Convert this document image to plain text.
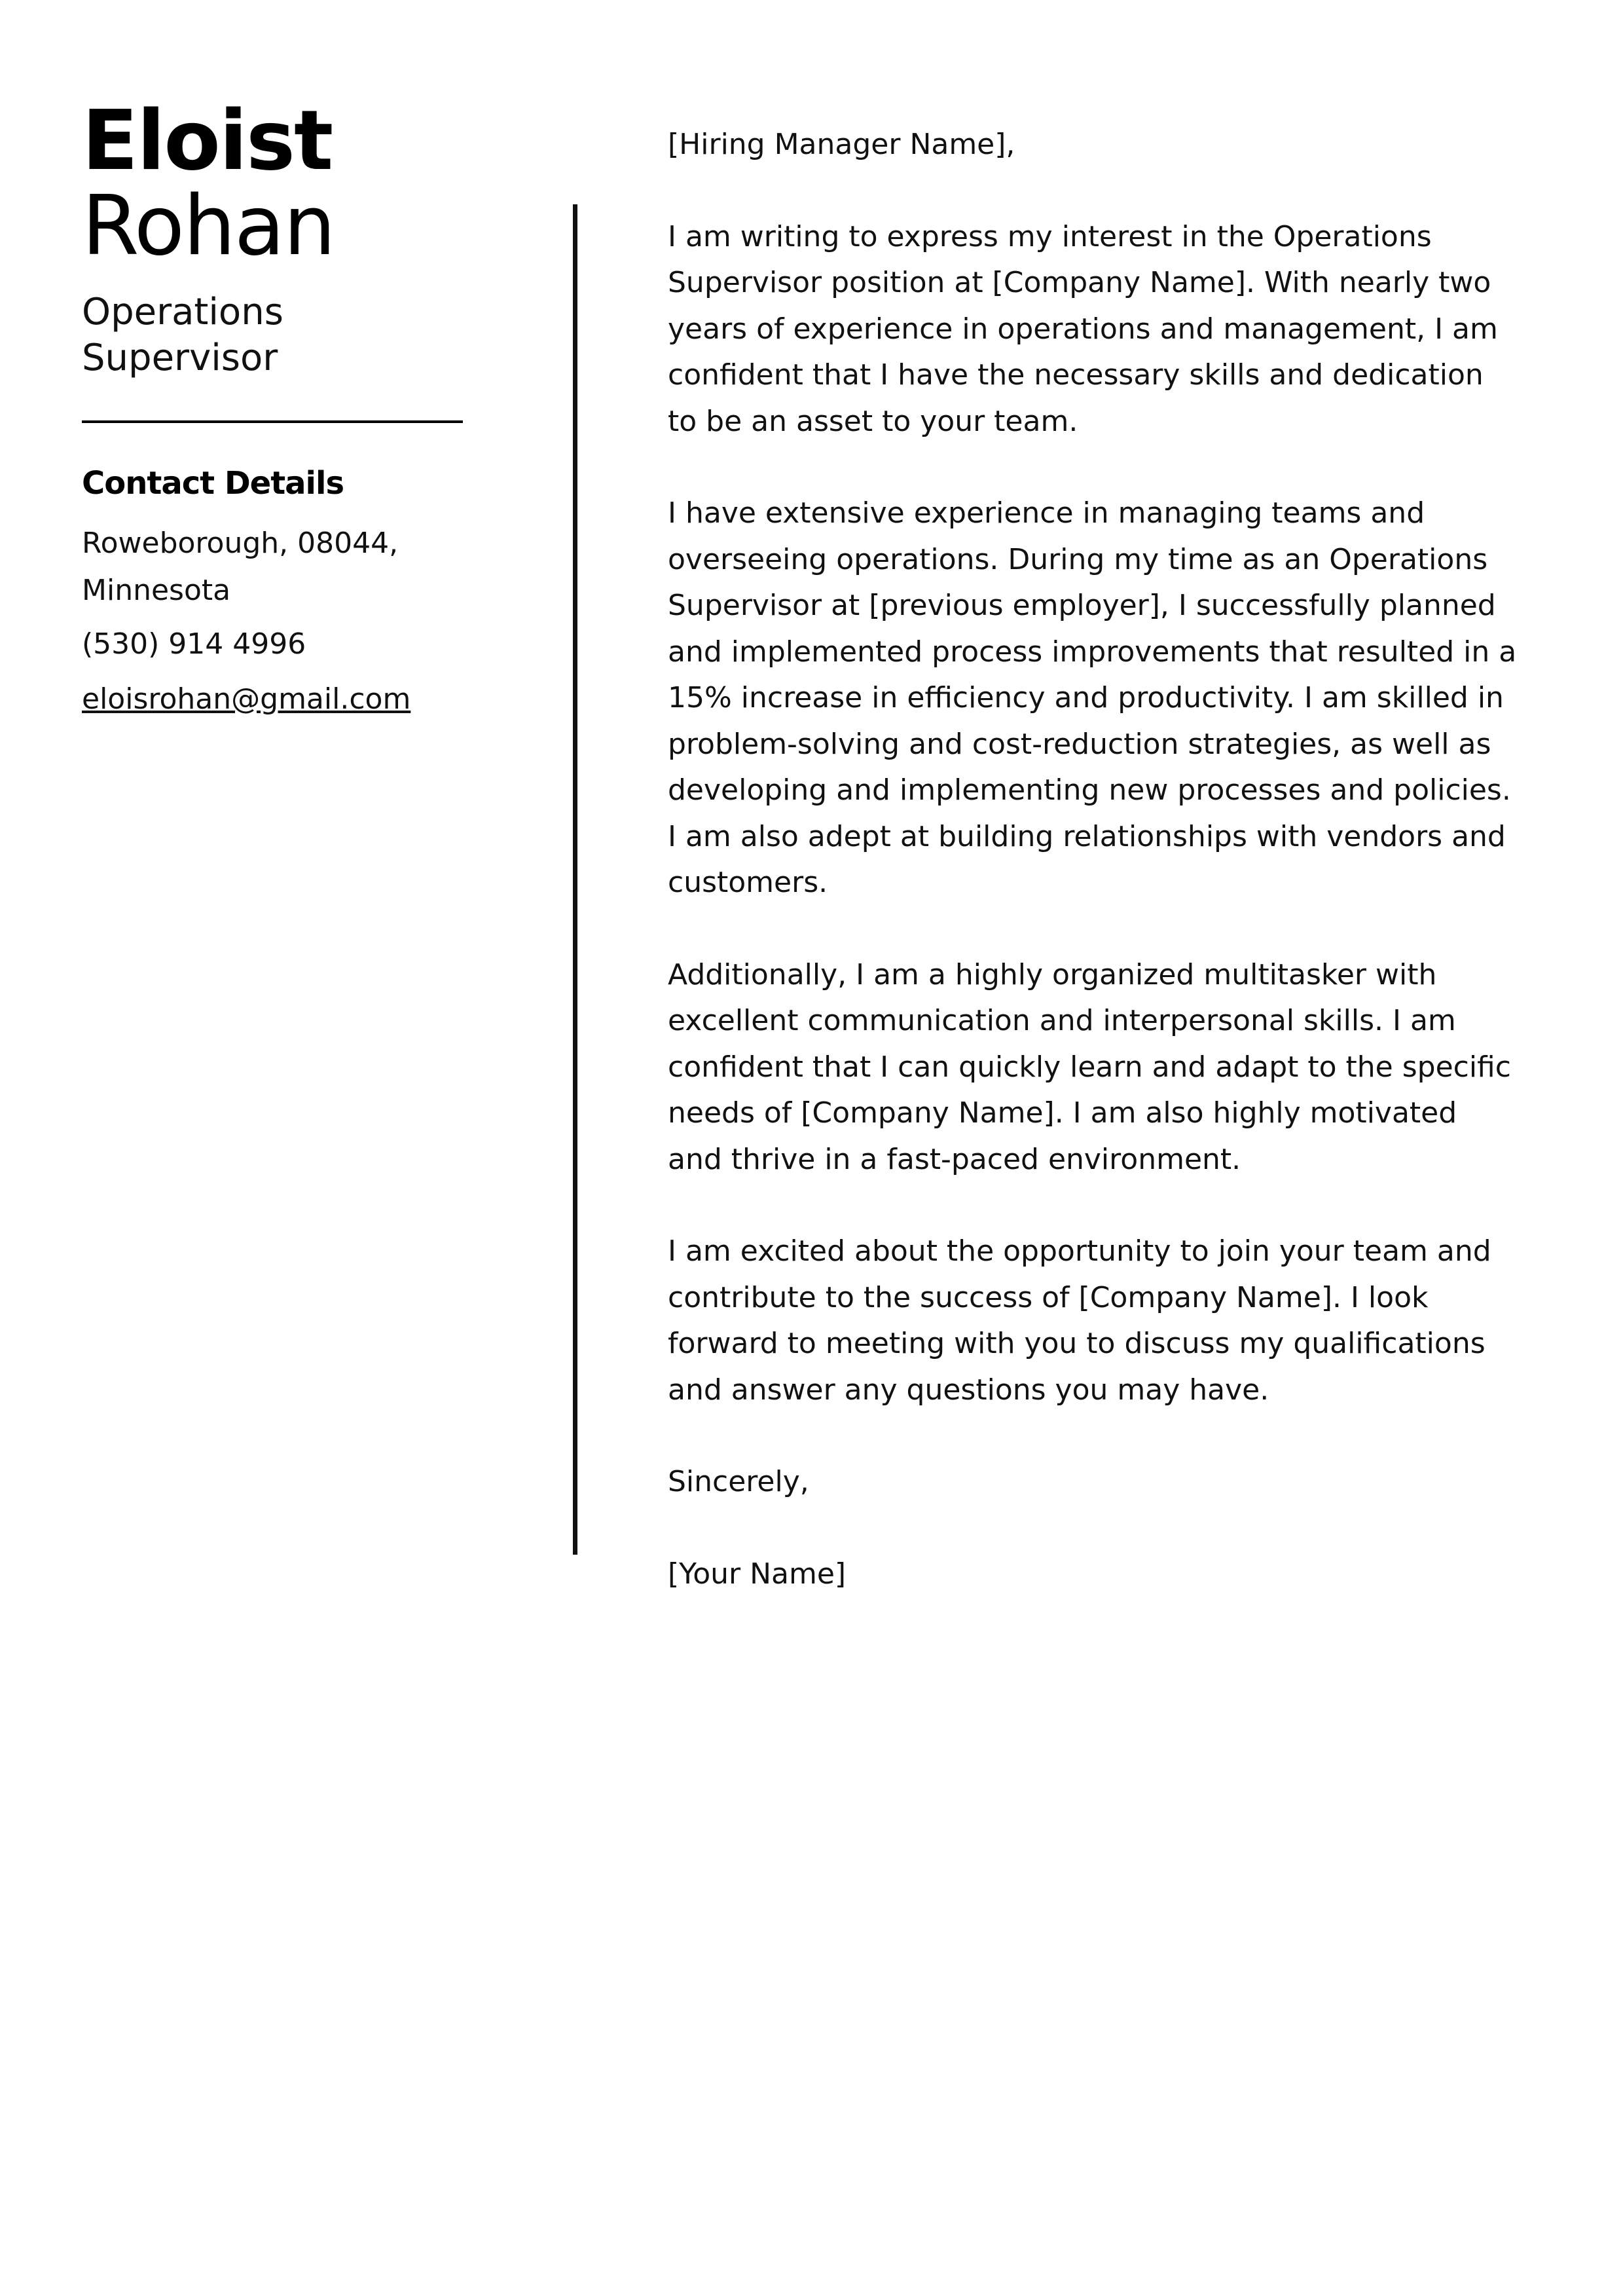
Eloist
Rohan
Operations Supervisor
Contact Details
Roweborough, 08044, Minnesota
(530) 914 4996
eloisrohan@gmail.com

[Hiring Manager Name],

I am writing to express my interest in the Operations Supervisor position at [Company Name]. With nearly two years of experience in operations and management, I am confident that I have the necessary skills and dedication to be an asset to your team.

I have extensive experience in managing teams and overseeing operations. During my time as an Operations Supervisor at [previous employer], I successfully planned and implemented process improvements that resulted in a 15% increase in efficiency and productivity. I am skilled in problem-solving and cost-reduction strategies, as well as developing and implementing new processes and policies. I am also adept at building relationships with vendors and customers.

Additionally, I am a highly organized multitasker with excellent communication and interpersonal skills. I am confident that I can quickly learn and adapt to the specific needs of [Company Name]. I am also highly motivated and thrive in a fast-paced environment.

I am excited about the opportunity to join your team and contribute to the success of [Company Name]. I look forward to meeting with you to discuss my qualifications and answer any questions you may have.

Sincerely,

[Your Name]
